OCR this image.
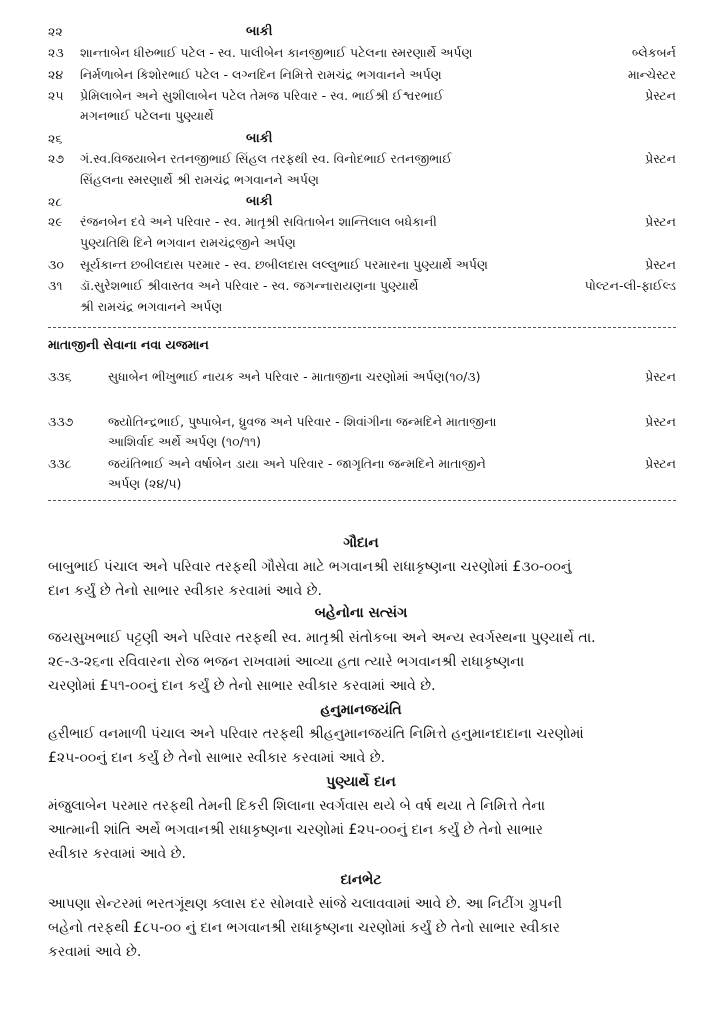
૨૨	બાકી
૨૩	શાન્તાબેન ધીરુભાઈ પટેલ - સ્વ. પાલીબેન કાનજીભાઈ પટેલના સ્મરણાર્થે અર્પણ	બ્લેકબર્ન
૨૪	નિર્મળાબેન કિશોરભાઈ પટેલ - લગ્નદિન નિમિત્તે રામચંદ્ર ભગવાનને અર્પણ	માન્ચેસ્ટર
૨૫	પ્રેમિલાબેન અને સુશીલાબેન પટેલ તેમજ પરિવાર - સ્વ. ભાઈશ્રી ઈશ્વરભાઈ	પ્રેસ્ટન
મગનભાઈ પટેલના પુણ્યાર્થે
૨૬	બાકી
૨૭	ગં.સ્વ.વિજયાબેન રતનજીભાઈ સિંહલ તરફથી સ્વ. વિનોદભાઈ રતનજીભાઈ	પ્રેસ્ટન
સિંહલના સ્મરણાર્થે શ્રી રામચંદ્ર ભગવાનને અર્પણ
૨૮	બાકી
૨૯	રંજનબેન દવે અને પરિવાર - સ્વ. માતૃશ્રી સવિતાબેન શાન્તિલાલ બધેકાની	પ્રેસ્ટન
પુણ્યતિથિ દિને ભગવાન રામચંદ્રજીને અર્પણ
૩૦	સૂર્યકાન્ત છબીલદાસ પરમાર - સ્વ. છબીલદાસ લલ્લુભાઈ પરમારના પુણ્યાર્થે અર્પણ	પ્રેસ્ટન
૩૧	ડૉ.સુરેશભાઈ શ્રીવાસ્તવ અને પરિવાર - સ્વ. જગન્નારાયણના પુણ્યાર્થે	પોલ્ટન-લી-ફાઈલ્ડ
શ્રી રામચંદ્ર ભગવાનને અર્પણ
માતાજીની સેવાના નવા યજમાન
૩૩૬	સુધાબેન ભીખુભાઈ નાયક અને પરિવાર - માતાજીના ચરણોમાં અર્પણ(૧૦/૩)	પ્રેસ્ટન
૩૩૭	જ્યોતિન્દ્રભાઈ, પુષ્પાબેન, ધ્રુવજ અને પરિવાર - શિવાંગીના જન્મદિને માતાજીના	પ્રેસ્ટન
આશિર્વાદ અર્થે અર્પણ (૧૦/૧૧)
૩૩૮	જયંતિભાઈ અને વર્ષાબેન ડાયા અને પરિવાર - જાગૃતિના જન્મદિને માતાજીને	પ્રેસ્ટન
અર્પણ (૨૪/૫)
ગૌદાન
બાબુભાઈ પંચાલ અને પરિવાર તરફથી ગૌસેવા માટે ભગવાનશ્રી રાધાકૃષ્ણના ચરણોમાં £૩૦-૦૦નું
દાન કર્યું છે તેનો સાભાર સ્વીકાર કરવામાં આવે છે.
બહેનોના સત્સંગ
જયસુખભાઈ પટ્ટણી અને પરિવાર તરફથી સ્વ. માતૃશ્રી સંતોકબા અને અન્ય સ્વર્ગસ્થના પુણ્યાર્થે તા.
૨૯-૩-૨૬ના રવિવારના રોજ ભજન રાખવામાં આવ્યા હતા ત્યારે ભગવાનશ્રી રાધાકૃષ્ણના
ચરણોમાં £૫૧-૦૦નું દાન કર્યું છે તેનો સાભાર સ્વીકાર કરવામાં આવે છે.
હનુમાનજયંતિ
હરીભાઈ વનમાળી પંચાલ અને પરિવાર તરફથી શ્રીહનુમાનજયંતિ નિમિત્તે હનુમાનદાદાના ચરણોમાં
£૨૫-૦૦નું દાન કર્યું છે તેનો સાભાર સ્વીકાર કરવામાં આવે છે.
પુણ્યાર્થે દાન
મંજુલાબેન પરમાર તરફથી તેમની દિકરી શિલાના સ્વર્ગવાસ થયે બે વર્ષ થયા તે નિમિત્તે તેના
આત્માની શાંતિ અર્થે ભગવાનશ્રી રાધાકૃષ્ણના ચરણોમાં £૨૫-૦૦નું દાન કર્યું છે તેનો સાભાર
સ્વીકાર કરવામાં આવે છે.
દાનભેટ
આપણા સેન્ટરમાં ભરતગૂંથણ ક્લાસ દર સોમવારે સાંજે ચલાવવામાં આવે છે. આ નિટીંગ ગ્રુપની
બહેનો તરફથી £૮૫-૦૦ નું દાન ભગવાનશ્રી રાધાકૃષ્ણના ચરણોમાં કર્યું છે તેનો સાભાર સ્વીકાર
કરવામાં આવે છે.
